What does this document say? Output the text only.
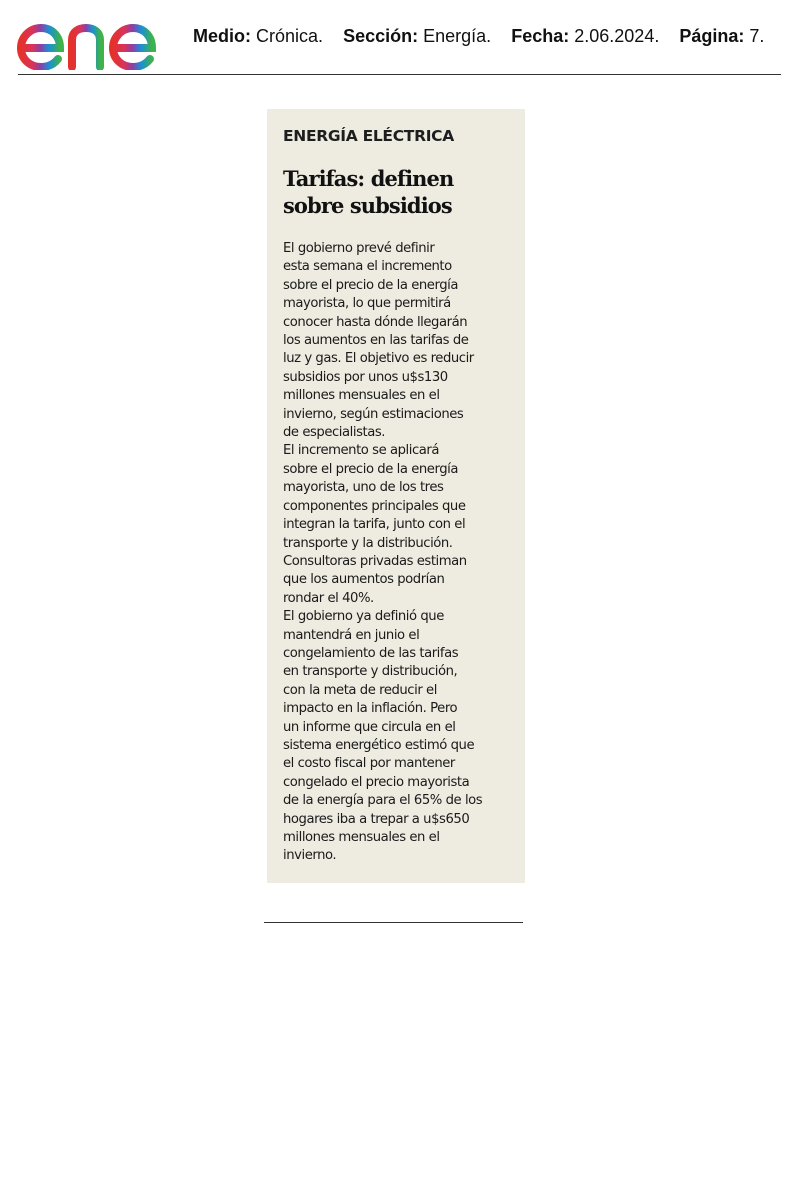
Medio: Crónica. Sección: Energía. Fecha: 2.06.2024. Página: 7.
ENERGÍA ELÉCTRICA
Tarifas: definen
sobre subsidios
El gobierno prevé definir
esta semana el incremento
sobre el precio de la energía
mayorista, lo que permitirá
conocer hasta dónde llegarán
los aumentos en las tarifas de
luz y gas. El objetivo es reducir
subsidios por unos u$s130
millones mensuales en el
invierno, según estimaciones
de especialistas.
El incremento se aplicará
sobre el precio de la energía
mayorista, uno de los tres
componentes principales que
integran la tarifa, junto con el
transporte y la distribución.
Consultoras privadas estiman
que los aumentos podrían
rondar el 40%.
El gobierno ya definió que
mantendrá en junio el
congelamiento de las tarifas
en transporte y distribución,
con la meta de reducir el
impacto en la inflación. Pero
un informe que circula en el
sistema energético estimó que
el costo fiscal por mantener
congelado el precio mayorista
de la energía para el 65% de los
hogares iba a trepar a u$s650
millones mensuales en el
invierno.
